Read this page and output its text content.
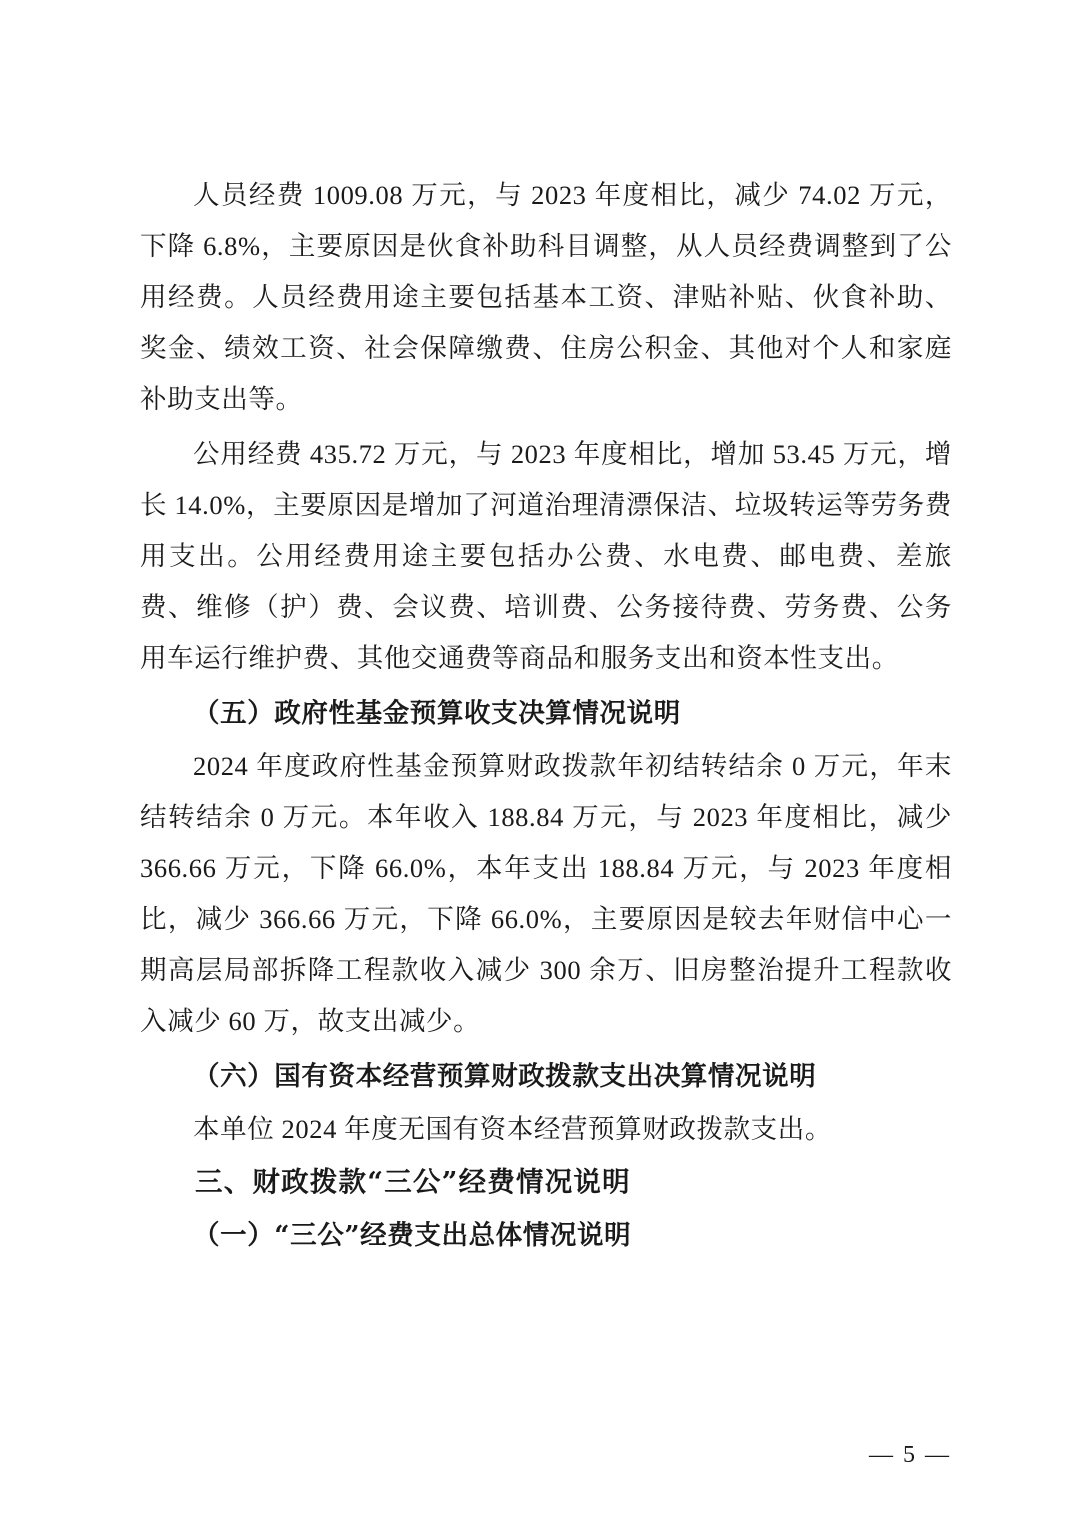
人员经费 1009.08 万元，与 2023 年度相比，减少 74.02 万元，下降 6.8%，主要原因是伙食补助科目调整，从人员经费调整到了公用经费。人员经费用途主要包括基本工资、津贴补贴、伙食补助、奖金、绩效工资、社会保障缴费、住房公积金、其他对个人和家庭补助支出等。

公用经费 435.72 万元，与 2023 年度相比，增加 53.45 万元，增长 14.0%，主要原因是增加了河道治理清漂保洁、垃圾转运等劳务费用支出。公用经费用途主要包括办公费、水电费、邮电费、差旅费、维修（护）费、会议费、培训费、公务接待费、劳务费、公务用车运行维护费、其他交通费等商品和服务支出和资本性支出。

（五）政府性基金预算收支决算情况说明

2024 年度政府性基金预算财政拨款年初结转结余 0 万元，年末结转结余 0 万元。本年收入 188.84 万元，与 2023 年度相比，减少 366.66 万元，下降 66.0%，本年支出 188.84 万元，与 2023 年度相比，减少 366.66 万元，下降 66.0%，主要原因是较去年财信中心一期高层局部拆降工程款收入减少 300 余万、旧房整治提升工程款收入减少 60 万，故支出减少。

（六）国有资本经营预算财政拨款支出决算情况说明

本单位 2024 年度无国有资本经营预算财政拨款支出。

三、财政拨款“三公”经费情况说明

（一）“三公”经费支出总体情况说明

— 5 —
